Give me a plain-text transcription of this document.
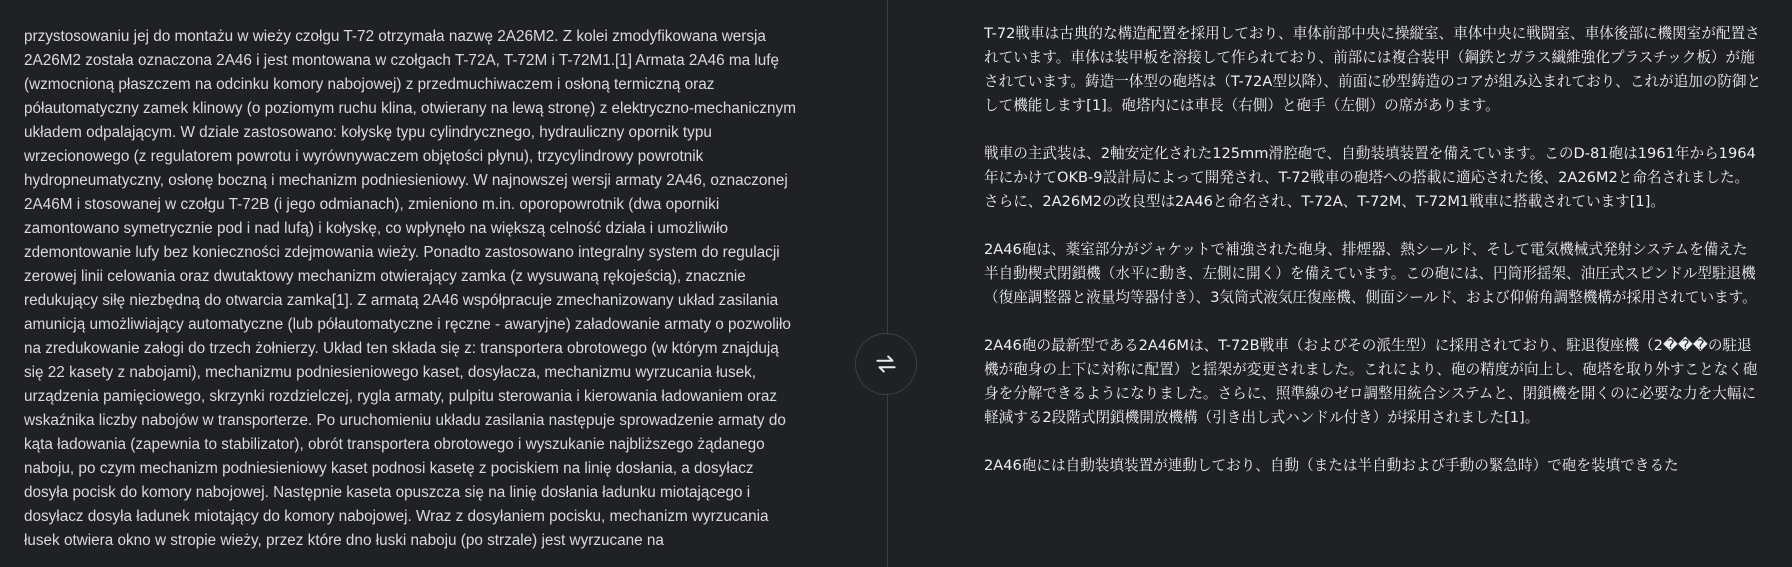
przystosowaniu jej do montażu w wieży czołgu T-72 otrzymała nazwę 2A26M2. Z kolei zmodyfikowana wersja 2A26M2 została oznaczona 2A46 i jest montowana w czołgach T-72A, T-72M i T-72M1.[1] Armata 2A46 ma lufę (wzmocnioną płaszczem na odcinku komory nabojowej) z przedmuchiwaczem i osłoną termiczną oraz półautomatyczny zamek klinowy (o poziomym ruchu klina, otwierany na lewą stronę) z elektryczno-mechanicznym układem odpalającym. W dziale zastosowano: kołyskę typu cylindrycznego, hydrauliczny opornik typu wrzecionowego (z regulatorem powrotu i wyrównywaczem objętości płynu), trzycylindrowy powrotnik hydropneumatyczny, osłonę boczną i mechanizm podniesieniowy. W najnowszej wersji armaty 2A46, oznaczonej 2A46M i stosowanej w czołgu T-72B (i jego odmianach), zmieniono m.in. oporopowrotnik (dwa oporniki zamontowano symetrycznie pod i nad lufą) i kołyskę, co wpłynęło na większą celność działa i umożliwiło zdemontowanie lufy bez konieczności zdejmowania wieży. Ponadto zastosowano integralny system do regulacji zerowej linii celowania oraz dwutaktowy mechanizm otwierający zamka (z wysuwaną rękojeścią), znacznie redukujący siłę niezbędną do otwarcia zamka[1]. Z armatą 2A46 współpracuje zmechanizowany układ zasilania amunicją umożliwiający automatyczne (lub półautomatyczne i ręczne - awaryjne) załadowanie armaty o pozwoliło na zredukowanie załogi do trzech żołnierzy. Układ ten składa się z: transportera obrotowego (w którym znajdują się 22 kasety z nabojami), mechanizmu podniesieniowego kaset, dosyłacza, mechanizmu wyrzucania łusek, urządzenia pamięciowego, skrzynki rozdzielczej, rygla armaty, pulpitu sterowania i kierowania ładowaniem oraz wskaźnika liczby nabojów w transporterze. Po uruchomieniu układu zasilania następuje sprowadzenie armaty do kąta ładowania (zapewnia to stabilizator), obrót transportera obrotowego i wyszukanie najbliższego żądanego naboju, po czym mechanizm podniesieniowy kaset podnosi kasetę z pociskiem na linię dosłania, a dosyłacz dosyła pocisk do komory nabojowej. Następnie kaseta opuszcza się na linię dosłania ładunku miotającego i dosyłacz dosyła ładunek miotający do komory nabojowej. Wraz z dosyłaniem pocisku, mechanizm wyrzucania łusek otwiera okno w stropie wieży, przez które dno łuski naboju (po strzale) jest wyrzucane na

T-72戦車は古典的な構造配置を採用しており、車体前部中央に操縦室、車体中央に戦闘室、車体後部に機関室が配置されています。車体は装甲板を溶接して作られており、前部には複合装甲（鋼鉄とガラス繊維強化プラスチック板）が施されています。鋳造一体型の砲塔は（T-72A型以降）、前面に砂型鋳造のコアが組み込まれており、これが追加の防御として機能します[1]。砲塔内には車長（右側）と砲手（左側）の席があります。

戦車の主武装は、2軸安定化された125mm滑腔砲で、自動装填装置を備えています。このD-81砲は1961年から1964年にかけてOKB-9設計局によって開発され、T-72戦車の砲塔への搭載に適応された後、2A26M2と命名されました。さらに、2A26M2の改良型は2A46と命名され、T-72A、T-72M、T-72M1戦車に搭載されています[1]。

2A46砲は、薬室部分がジャケットで補強された砲身、排煙器、熱シールド、そして電気機械式発射システムを備えた半自動楔式閉鎖機（水平に動き、左側に開く）を備えています。この砲には、円筒形揺架、油圧式スピンドル型駐退機（復座調整器と液量均等器付き）、3気筒式液気圧復座機、側面シールド、および仰俯角調整機構が採用されています。

2A46砲の最新型である2A46Mは、T-72B戦車（およびその派生型）に採用されており、駐退復座機（2���の駐退機が砲身の上下に対称に配置）と揺架が変更されました。これにより、砲の精度が向上し、砲塔を取り外すことなく砲身を分解できるようになりました。さらに、照準線のゼロ調整用統合システムと、閉鎖機を開くのに必要な力を大幅に軽減する2段階式閉鎖機開放機構（引き出し式ハンドル付き）が採用されました[1]。

2A46砲には自動装填装置が連動しており、自動（または半自動および手動の緊急時）で砲を装填できるた
